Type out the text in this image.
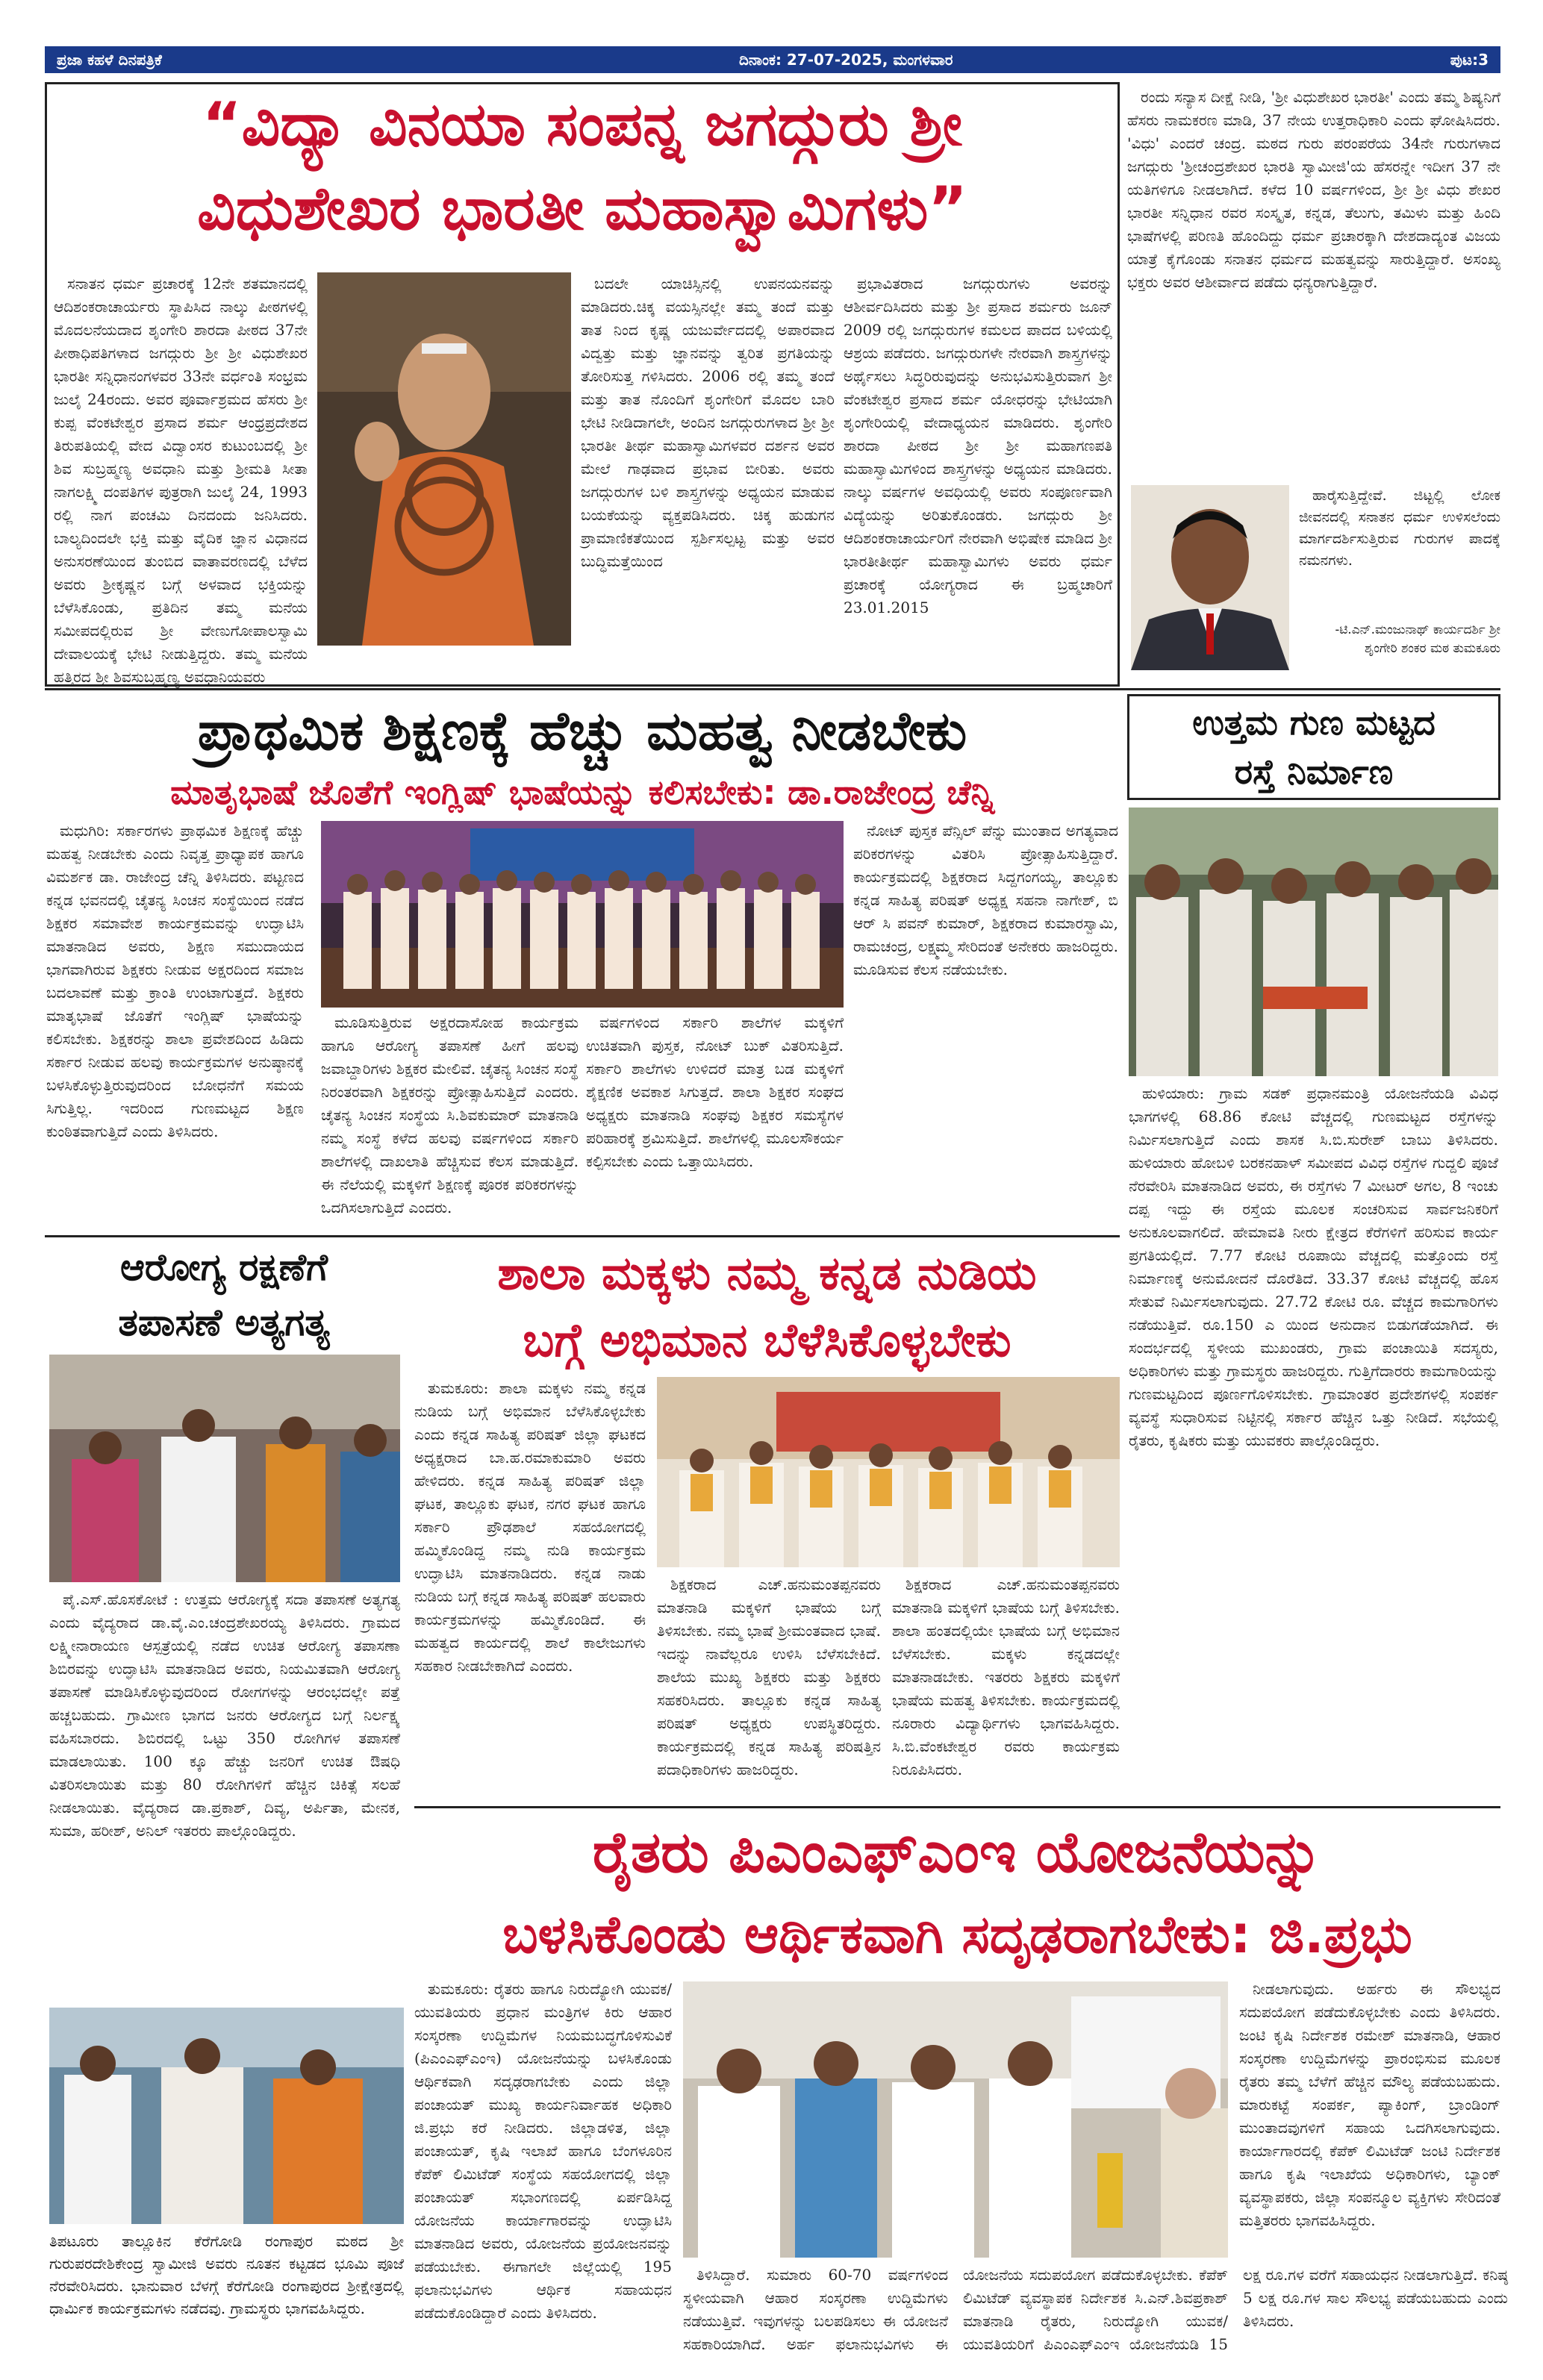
ಪ್ರಜಾ ಕಹಳೆ ದಿನಪತ್ರಿಕೆ	ದಿನಾಂಕ: 27-07-2025, ಮಂಗಳವಾರ	ಪುಟ:3
“ವಿದ್ಯಾ ವಿನಯಾ ಸಂಪನ್ನ ಜಗದ್ಗುರು ಶ್ರೀ
ವಿಧುಶೇಖರ ಭಾರತೀ ಮಹಾಸ್ವಾಮಿಗಳು”

ಸನಾತನ ಧರ್ಮ ಪ್ರಚಾರಕ್ಕೆ 12ನೇ ಶತಮಾನದಲ್ಲಿ ಆದಿಶಂಕರಾಚಾರ್ಯರು ಸ್ಥಾಪಿಸಿದ ನಾಲ್ಕು ಪೀಠಗಳಲ್ಲಿ ಮೊದಲನೆಯದಾದ ಶೃಂಗೇರಿ ಶಾರದಾ ಪೀಠದ 37ನೇ ಪೀಠಾಧಿಪತಿಗಳಾದ ಜಗದ್ಗುರು ಶ್ರೀ ಶ್ರೀ ವಿಧುಶೇಖರ ಭಾರತೀ ಸನ್ನಿಧಾನಂಗಳವರ 33ನೇ ವರ್ಧಂತಿ ಸಂಭ್ರಮ ಜುಲೈ 24ರಂದು. ಅವರ ಪೂರ್ವಾಶ್ರಮದ ಹೆಸರು ಶ್ರೀ ಕುಪ್ಪ ವೆಂಕಟೇಶ್ವರ ಪ್ರಸಾದ ಶರ್ಮ ಆಂಧ್ರಪ್ರದೇಶದ ತಿರುಪತಿಯಲ್ಲಿ ವೇದ ವಿದ್ವಾಂಸರ ಕುಟುಂಬದಲ್ಲಿ ಶ್ರೀ ಶಿವ ಸುಬ್ರಹ್ಮಣ್ಯ ಅವಧಾನಿ ಮತ್ತು ಶ್ರೀಮತಿ ಸೀತಾ ನಾಗಲಕ್ಷ್ಮಿ ದಂಪತಿಗಳ ಪುತ್ರರಾಗಿ ಜುಲೈ 24, 1993 ರಲ್ಲಿ ನಾಗ ಪಂಚಮಿ ದಿನದಂದು ಜನಿಸಿದರು. ಬಾಲ್ಯದಿಂದಲೇ ಭಕ್ತಿ ಮತ್ತು ವೈದಿಕ ಜ್ಞಾನ ವಿಧಾನದ ಅನುಸರಣೆಯಿಂದ ತುಂಬಿದ ವಾತಾವರಣದಲ್ಲಿ ಬೆಳೆದ ಅವರು ಶ್ರೀಕೃಷ್ಣನ ಬಗ್ಗೆ ಅಳವಾದ ಭಕ್ತಿಯನ್ನು ಬೆಳೆಸಿಕೊಂಡು, ಪ್ರತಿದಿನ ತಮ್ಮ ಮನೆಯ ಸಮೀಪದಲ್ಲಿರುವ ಶ್ರೀ ವೇಣುಗೋಪಾಲಸ್ವಾಮಿ ದೇವಾಲಯಕ್ಕೆ ಭೇಟಿ ನೀಡುತ್ತಿದ್ದರು. ತಮ್ಮ ಮನೆಯ ಹತ್ತಿರದ ಶ್ರೀ ಶಿವಸುಬ್ರಹ್ಮಣ್ಯ ಅವಧಾನಿಯವರು

ಬದಲೇ ಯಾಚಿಸ್ಸಿನಲ್ಲಿ ಉಪನಯನವನ್ನು ಮಾಡಿದರು.ಚಿಕ್ಕ ವಯಸ್ಸಿನಲ್ಲೇ ತಮ್ಮ ತಂದೆ ಮತ್ತು ತಾತ ನಿಂದ ಕೃಷ್ಣ ಯಜುರ್ವೇದದಲ್ಲಿ ಅಪಾರವಾದ ವಿದ್ವತ್ತು ಮತ್ತು ಜ್ಞಾನವನ್ನು ತ್ವರಿತ ಪ್ರಗತಿಯನ್ನು ತೋರಿಸುತ್ತ ಗಳಿಸಿದರು. 2006 ರಲ್ಲಿ ತಮ್ಮ ತಂದೆ ಮತ್ತು ತಾತ ನೊಂದಿಗೆ ಶೃಂಗೇರಿಗೆ ಮೊದಲ ಬಾರಿ ಭೇಟಿ ನೀಡಿದಾಗಲೇ, ಅಂದಿನ ಜಗದ್ಗುರುಗಳಾದ ಶ್ರೀ ಶ್ರೀ ಭಾರತೀ ತೀರ್ಥ ಮಹಾಸ್ವಾಮಿಗಳವರ ದರ್ಶನ ಅವರ ಮೇಲೆ ಗಾಢವಾದ ಪ್ರಭಾವ ಬೀರಿತು. ಅವರು ಜಗದ್ಗುರುಗಳ ಬಳಿ ಶಾಸ್ತ್ರಗಳನ್ನು ಅಧ್ಯಯನ ಮಾಡುವ ಬಯಕೆಯನ್ನು ವ್ಯಕ್ತಪಡಿಸಿದರು. ಚಿಕ್ಕ ಹುಡುಗನ ಪ್ರಾಮಾಣಿಕತೆಯಿಂದ ಸ್ಪರ್ಶಿಸಲ್ಪಟ್ಟ ಮತ್ತು ಅವರ ಬುದ್ಧಿಮತ್ತೆಯಿಂದ

ಪ್ರಭಾವಿತರಾದ ಜಗದ್ಗುರುಗಳು ಅವರನ್ನು ಆಶೀರ್ವದಿಸಿದರು ಮತ್ತು ಶ್ರೀ ಪ್ರಸಾದ ಶರ್ಮರು ಜೂನ್ 2009 ರಲ್ಲಿ ಜಗದ್ಗುರುಗಳ ಕಮಲದ ಪಾದದ ಬಳಿಯಲ್ಲಿ ಆಶ್ರಯ ಪಡೆದರು. ಜಗದ್ಗುರುಗಳೇ ನೇರವಾಗಿ ಶಾಸ್ತ್ರಗಳನ್ನು ಅರ್ಥೈಸಲು ಸಿದ್ಧರಿರುವುದನ್ನು ಅನುಭವಿಸುತ್ತಿರುವಾಗ ಶ್ರೀ ವೆಂಕಟೇಶ್ವರ ಪ್ರಸಾದ ಶರ್ಮ ಯೋಧರನ್ನು ಭೇಟಿಯಾಗಿ ಶೃಂಗೇರಿಯಲ್ಲಿ ವೇದಾಧ್ಯಯನ ಮಾಡಿದರು. ಶೃಂಗೇರಿ ಶಾರದಾ ಪೀಠದ ಶ್ರೀ ಶ್ರೀ ಮಹಾಗಣಪತಿ ಮಹಾಸ್ವಾಮಿಗಳಿಂದ ಶಾಸ್ತ್ರಗಳನ್ನು ಅಧ್ಯಯನ ಮಾಡಿದರು. ನಾಲ್ಕು ವರ್ಷಗಳ ಅವಧಿಯಲ್ಲಿ ಅವರು ಸಂಪೂರ್ಣವಾಗಿ ವಿದ್ಯೆಯನ್ನು ಅರಿತುಕೊಂಡರು. ಜಗದ್ಗುರು ಶ್ರೀ ಆದಿಶಂಕರಾಚಾರ್ಯರಿಗೆ ನೇರವಾಗಿ ಅಭಿಷೇಕ ಮಾಡಿದ ಶ್ರೀ ಭಾರತೀತೀರ್ಥ ಮಹಾಸ್ವಾಮಿಗಳು ಅವರು ಧರ್ಮ ಪ್ರಚಾರಕ್ಕೆ ಯೋಗ್ಯರಾದ ಈ ಬ್ರಹ್ಮಚಾರಿಗೆ 23.01.2015

ರಂದು ಸನ್ಯಾಸ ದೀಕ್ಷೆ ನೀಡಿ, 'ಶ್ರೀ ವಿಧುಶೇಖರ ಭಾರತೀ' ಎಂದು ತಮ್ಮ ಶಿಷ್ಯನಿಗೆ ಹೆಸರು ನಾಮಕರಣ ಮಾಡಿ, 37 ನೇಯ ಉತ್ತರಾಧಿಕಾರಿ ಎಂದು ಘೋಷಿಸಿದರು. 'ವಿಧು' ಎಂದರೆ ಚಂದ್ರ. ಮಠದ ಗುರು ಪರಂಪರೆಯ 34ನೇ ಗುರುಗಳಾದ ಜಗದ್ಗುರು 'ಶ್ರೀಚಂದ್ರಶೇಖರ ಭಾರತಿ ಸ್ವಾಮೀಜಿ'ಯ ಹೆಸರನ್ನೇ ಇದೀಗ 37 ನೇ ಯತಿಗಳಿಗೂ ನೀಡಲಾಗಿದೆ. ಕಳೆದ 10 ವರ್ಷಗಳಿಂದ, ಶ್ರೀ ಶ್ರೀ ವಿಧು ಶೇಖರ ಭಾರತೀ ಸನ್ನಿಧಾನ ರವರ ಸಂಸ್ಕೃತ, ಕನ್ನಡ, ತೆಲುಗು, ತಮಿಳು ಮತ್ತು ಹಿಂದಿ ಭಾಷೆಗಳಲ್ಲಿ ಪರಿಣತಿ ಹೊಂದಿದ್ದು ಧರ್ಮ ಪ್ರಚಾರಕ್ಕಾಗಿ ದೇಶದಾದ್ಯಂತ ವಿಜಯ ಯಾತ್ರೆ ಕೈಗೊಂಡು ಸನಾತನ ಧರ್ಮದ ಮಹತ್ವವನ್ನು ಸಾರುತ್ತಿದ್ದಾರೆ. ಅಸಂಖ್ಯ ಭಕ್ತರು ಅವರ ಆಶೀರ್ವಾದ ಪಡೆದು ಧನ್ಯರಾಗುತ್ತಿದ್ದಾರೆ.

ಹಾರೈಸುತ್ತಿದ್ದೇವೆ. ಜಿಟ್ಟಲ್ಲಿ ಲೋಕ ಜೀವನದಲ್ಲಿ ಸನಾತನ ಧರ್ಮ ಉಳಿಸಲೆಂದು ಮಾರ್ಗದರ್ಶಿಸುತ್ತಿರುವ ಗುರುಗಳ ಪಾದಕ್ಕೆ ನಮನಗಳು.

-ಟಿ.ಎನ್.ಮಂಜುನಾಥ್ ಕಾರ್ಯದರ್ಶಿ ಶ್ರೀ ಶೃಂಗೇರಿ ಶಂಕರ ಮಠ ತುಮಕೂರು
ಪ್ರಾಥಮಿಕ ಶಿಕ್ಷಣಕ್ಕೆ ಹೆಚ್ಚು ಮಹತ್ವ ನೀಡಬೇಕು
ಮಾತೃಭಾಷೆ ಜೊತೆಗೆ ಇಂಗ್ಲಿಷ್ ಭಾಷೆಯನ್ನು ಕಲಿಸಬೇಕು: ಡಾ.ರಾಜೇಂದ್ರ ಚೆನ್ನಿ

ಮಧುಗಿರಿ: ಸರ್ಕಾರಗಳು ಪ್ರಾಥಮಿಕ ಶಿಕ್ಷಣಕ್ಕೆ ಹೆಚ್ಚು ಮಹತ್ವ ನೀಡಬೇಕು ಎಂದು ನಿವೃತ್ತ ಪ್ರಾಧ್ಯಾಪಕ ಹಾಗೂ ವಿಮರ್ಶಕ ಡಾ. ರಾಜೇಂದ್ರ ಚೆನ್ನಿ ತಿಳಿಸಿದರು. ಪಟ್ಟಣದ ಕನ್ನಡ ಭವನದಲ್ಲಿ ಚೈತನ್ಯ ಸಿಂಚನ ಸಂಸ್ಥೆಯಿಂದ ನಡೆದ ಶಿಕ್ಷಕರ ಸಮಾವೇಶ ಕಾರ್ಯಕ್ರಮವನ್ನು ಉದ್ಘಾಟಿಸಿ ಮಾತನಾಡಿದ ಅವರು, ಶಿಕ್ಷಣ ಸಮುದಾಯದ ಭಾಗವಾಗಿರುವ ಶಿಕ್ಷಕರು ನೀಡುವ ಅಕ್ಷರದಿಂದ ಸಮಾಜ ಬದಲಾವಣೆ ಮತ್ತು ಕ್ರಾಂತಿ ಉಂಟಾಗುತ್ತದೆ. ಶಿಕ್ಷಕರು ಮಾತೃಭಾಷೆ ಜೊತೆಗೆ ಇಂಗ್ಲಿಷ್ ಭಾಷೆಯನ್ನು ಕಲಿಸಬೇಕು. ಶಿಕ್ಷಕರನ್ನು ಶಾಲಾ ಪ್ರವೇಶದಿಂದ ಹಿಡಿದು ಸರ್ಕಾರ ನೀಡುವ ಹಲವು ಕಾರ್ಯಕ್ರಮಗಳ ಅನುಷ್ಠಾನಕ್ಕೆ ಬಳಸಿಕೊಳ್ಳುತ್ತಿರುವುದರಿಂದ ಬೋಧನೆಗೆ ಸಮಯ ಸಿಗುತ್ತಿಲ್ಲ. ಇದರಿಂದ ಗುಣಮಟ್ಟದ ಶಿಕ್ಷಣ ಕುಂಠಿತವಾಗುತ್ತಿದೆ ಎಂದು ತಿಳಿಸಿದರು.

ಮೂಡಿಸುತ್ತಿರುವ ಅಕ್ಷರದಾಸೋಹ ಕಾರ್ಯಕ್ರಮ ಹಾಗೂ ಆರೋಗ್ಯ ತಪಾಸಣೆ ಹೀಗೆ ಹಲವು ಜವಾಬ್ದಾರಿಗಳು ಶಿಕ್ಷಕರ ಮೇಲಿವೆ. ಚೈತನ್ಯ ಸಿಂಚನ ಸಂಸ್ಥೆ ನಿರಂತರವಾಗಿ ಶಿಕ್ಷಕರನ್ನು ಪ್ರೋತ್ಸಾಹಿಸುತ್ತಿದೆ ಎಂದರು. ಚೈತನ್ಯ ಸಿಂಚನ ಸಂಸ್ಥೆಯ ಸಿ.ಶಿವಕುಮಾರ್ ಮಾತನಾಡಿ ನಮ್ಮ ಸಂಸ್ಥೆ ಕಳೆದ ಹಲವು ವರ್ಷಗಳಿಂದ ಸರ್ಕಾರಿ ಶಾಲೆಗಳಲ್ಲಿ ದಾಖಲಾತಿ ಹೆಚ್ಚಿಸುವ ಕೆಲಸ ಮಾಡುತ್ತಿದೆ. ಈ ನೆಲೆಯಲ್ಲಿ ಮಕ್ಕಳಿಗೆ ಶಿಕ್ಷಣಕ್ಕೆ ಪೂರಕ ಪರಿಕರಗಳನ್ನು ಒದಗಿಸಲಾಗುತ್ತಿದೆ ಎಂದರು.

ವರ್ಷಗಳಿಂದ ಸರ್ಕಾರಿ ಶಾಲೆಗಳ ಮಕ್ಕಳಿಗೆ ಉಚಿತವಾಗಿ ಪುಸ್ತಕ, ನೋಟ್ ಬುಕ್ ವಿತರಿಸುತ್ತಿದೆ. ಸರ್ಕಾರಿ ಶಾಲೆಗಳು ಉಳಿದರೆ ಮಾತ್ರ ಬಡ ಮಕ್ಕಳಿಗೆ ಶೈಕ್ಷಣಿಕ ಅವಕಾಶ ಸಿಗುತ್ತದೆ. ಶಾಲಾ ಶಿಕ್ಷಕರ ಸಂಘದ ಅಧ್ಯಕ್ಷರು ಮಾತನಾಡಿ ಸಂಘವು ಶಿಕ್ಷಕರ ಸಮಸ್ಯೆಗಳ ಪರಿಹಾರಕ್ಕೆ ಶ್ರಮಿಸುತ್ತಿದೆ. ಶಾಲೆಗಳಲ್ಲಿ ಮೂಲಸೌಕರ್ಯ ಕಲ್ಪಿಸಬೇಕು ಎಂದು ಒತ್ತಾಯಿಸಿದರು.

ನೋಟ್ ಪುಸ್ತಕ ಪೆನ್ಸಿಲ್ ಪೆನ್ನು ಮುಂತಾದ ಅಗತ್ಯವಾದ ಪರಿಕರಗಳನ್ನು ವಿತರಿಸಿ ಪ್ರೋತ್ಸಾಹಿಸುತ್ತಿದ್ದಾರೆ. ಕಾರ್ಯಕ್ರಮದಲ್ಲಿ ಶಿಕ್ಷಕರಾದ ಸಿದ್ದಗಂಗಯ್ಯ, ತಾಲ್ಲೂಕು ಕನ್ನಡ ಸಾಹಿತ್ಯ ಪರಿಷತ್ ಅಧ್ಯಕ್ಷ ಸಹನಾ ನಾಗೇಶ್, ಬಿ ಆರ್ ಸಿ ಪವನ್ ಕುಮಾರ್, ಶಿಕ್ಷಕರಾದ ಕುಮಾರಸ್ವಾಮಿ, ರಾಮಚಂದ್ರ, ಲಕ್ಷ್ಮಮ್ಮ ಸೇರಿದಂತೆ ಅನೇಕರು ಹಾಜರಿದ್ದರು. ಮೂಡಿಸುವ ಕೆಲಸ ನಡೆಯಬೇಕು.

ಉತ್ತಮ ಗುಣ ಮಟ್ಟದ
ರಸ್ತೆ ನಿರ್ಮಾಣ

ಹುಳಿಯಾರು: ಗ್ರಾಮ ಸಡಕ್ ಪ್ರಧಾನಮಂತ್ರಿ ಯೋಜನೆಯಡಿ ವಿವಿಧ ಭಾಗಗಳಲ್ಲಿ 68.86 ಕೋಟಿ ವೆಚ್ಚದಲ್ಲಿ ಗುಣಮಟ್ಟದ ರಸ್ತೆಗಳನ್ನು ನಿರ್ಮಿಸಲಾಗುತ್ತಿದೆ ಎಂದು ಶಾಸಕ ಸಿ.ಬಿ.ಸುರೇಶ್ ಬಾಬು ತಿಳಿಸಿದರು. ಹುಳಿಯಾರು ಹೋಬಳಿ ಬರಕನಹಾಳ್ ಸಮೀಪದ ವಿವಿಧ ರಸ್ತೆಗಳ ಗುದ್ದಲಿ ಪೂಜೆ ನೆರವೇರಿಸಿ ಮಾತನಾಡಿದ ಅವರು, ಈ ರಸ್ತೆಗಳು 7 ಮೀಟರ್ ಅಗಲ, 8 ಇಂಚು ದಪ್ಪ ಇದ್ದು ಈ ರಸ್ತೆಯ ಮೂಲಕ ಸಂಚರಿಸುವ ಸಾರ್ವಜನಿಕರಿಗೆ ಅನುಕೂಲವಾಗಲಿದೆ. ಹೇಮಾವತಿ ನೀರು ಕ್ಷೇತ್ರದ ಕೆರೆಗಳಿಗೆ ಹರಿಸುವ ಕಾರ್ಯ ಪ್ರಗತಿಯಲ್ಲಿದೆ. 7.77 ಕೋಟಿ ರೂಪಾಯಿ ವೆಚ್ಚದಲ್ಲಿ ಮತ್ತೊಂದು ರಸ್ತೆ ನಿರ್ಮಾಣಕ್ಕೆ ಅನುಮೋದನೆ ದೊರೆತಿದೆ. 33.37 ಕೋಟಿ ವೆಚ್ಚದಲ್ಲಿ ಹೊಸ ಸೇತುವೆ ನಿರ್ಮಿಸಲಾಗುವುದು. 27.72 ಕೋಟಿ ರೂ. ವೆಚ್ಚದ ಕಾಮಗಾರಿಗಳು ನಡೆಯುತ್ತಿವೆ. ರೂ.150 ಎ ಯಿಂದ ಅನುದಾನ ಬಿಡುಗಡೆಯಾಗಿದೆ. ಈ ಸಂದರ್ಭದಲ್ಲಿ ಸ್ಥಳೀಯ ಮುಖಂಡರು, ಗ್ರಾಮ ಪಂಚಾಯಿತಿ ಸದಸ್ಯರು, ಅಧಿಕಾರಿಗಳು ಮತ್ತು ಗ್ರಾಮಸ್ಥರು ಹಾಜರಿದ್ದರು. ಗುತ್ತಿಗೆದಾರರು ಕಾಮಗಾರಿಯನ್ನು ಗುಣಮಟ್ಟದಿಂದ ಪೂರ್ಣಗೊಳಿಸಬೇಕು. ಗ್ರಾಮಾಂತರ ಪ್ರದೇಶಗಳಲ್ಲಿ ಸಂಪರ್ಕ ವ್ಯವಸ್ಥೆ ಸುಧಾರಿಸುವ ನಿಟ್ಟಿನಲ್ಲಿ ಸರ್ಕಾರ ಹೆಚ್ಚಿನ ಒತ್ತು ನೀಡಿದೆ. ಸಭೆಯಲ್ಲಿ ರೈತರು, ಕೃಷಿಕರು ಮತ್ತು ಯುವಕರು ಪಾಲ್ಗೊಂಡಿದ್ದರು.

ಆರೋಗ್ಯ ರಕ್ಷಣೆಗೆ
ತಪಾಸಣೆ ಅತ್ಯಗತ್ಯ

ಪೈ.ಎಸ್.ಹೊಸಕೋಟೆ : ಉತ್ತಮ ಆರೋಗ್ಯಕ್ಕೆ ಸದಾ ತಪಾಸಣೆ ಅತ್ಯಗತ್ಯ ಎಂದು ವೈದ್ಯರಾದ ಡಾ.ವೈ.ಎಂ.ಚಂದ್ರಶೇಖರಯ್ಯ ತಿಳಿಸಿದರು. ಗ್ರಾಮದ ಲಕ್ಷ್ಮೀನಾರಾಯಣ ಆಸ್ಪತ್ರೆಯಲ್ಲಿ ನಡೆದ ಉಚಿತ ಆರೋಗ್ಯ ತಪಾಸಣಾ ಶಿಬಿರವನ್ನು ಉದ್ಘಾಟಿಸಿ ಮಾತನಾಡಿದ ಅವರು, ನಿಯಮಿತವಾಗಿ ಆರೋಗ್ಯ ತಪಾಸಣೆ ಮಾಡಿಸಿಕೊಳ್ಳುವುದರಿಂದ ರೋಗಗಳನ್ನು ಆರಂಭದಲ್ಲೇ ಪತ್ತೆ ಹಚ್ಚಬಹುದು. ಗ್ರಾಮೀಣ ಭಾಗದ ಜನರು ಆರೋಗ್ಯದ ಬಗ್ಗೆ ನಿರ್ಲಕ್ಷ್ಯ ವಹಿಸಬಾರದು. ಶಿಬಿರದಲ್ಲಿ ಒಟ್ಟು 350 ರೋಗಿಗಳ ತಪಾಸಣೆ ಮಾಡಲಾಯಿತು. 100 ಕ್ಕೂ ಹೆಚ್ಚು ಜನರಿಗೆ ಉಚಿತ ಔಷಧಿ ವಿತರಿಸಲಾಯಿತು ಮತ್ತು 80 ರೋಗಿಗಳಿಗೆ ಹೆಚ್ಚಿನ ಚಿಕಿತ್ಸೆ ಸಲಹೆ ನೀಡಲಾಯಿತು. ವೈದ್ಯರಾದ ಡಾ.ಪ್ರಕಾಶ್, ದಿವ್ಯ, ಅರ್ಪಿತಾ, ಮೇನಕ, ಸುಮಾ, ಹರೀಶ್, ಅನಿಲ್ ಇತರರು ಪಾಲ್ಗೊಂಡಿದ್ದರು.

ತಿಪಟೂರು ತಾಲ್ಲೂಕಿನ ಕೆರೆಗೋಡಿ ರಂಗಾಪುರ ಮಠದ ಶ್ರೀ ಗುರುಪರದೇಶಿಕೇಂದ್ರ ಸ್ವಾಮೀಜಿ ಅವರು ನೂತನ ಕಟ್ಟಡದ ಭೂಮಿ ಪೂಜೆ ನೆರವೇರಿಸಿದರು. ಭಾನುವಾರ ಬೆಳಗ್ಗೆ ಕೆರೆಗೋಡಿ ರಂಗಾಪುರದ ಶ್ರೀಕ್ಷೇತ್ರದಲ್ಲಿ ಧಾರ್ಮಿಕ ಕಾರ್ಯಕ್ರಮಗಳು ನಡೆದವು. ಗ್ರಾಮಸ್ಥರು ಭಾಗವಹಿಸಿದ್ದರು.
ಶಾಲಾ ಮಕ್ಕಳು ನಮ್ಮ ಕನ್ನಡ ನುಡಿಯ
ಬಗ್ಗೆ ಅಭಿಮಾನ ಬೆಳೆಸಿಕೊಳ್ಳಬೇಕು

ತುಮಕೂರು: ಶಾಲಾ ಮಕ್ಕಳು ನಮ್ಮ ಕನ್ನಡ ನುಡಿಯ ಬಗ್ಗೆ ಅಭಿಮಾನ ಬೆಳೆಸಿಕೊಳ್ಳಬೇಕು ಎಂದು ಕನ್ನಡ ಸಾಹಿತ್ಯ ಪರಿಷತ್ ಜಿಲ್ಲಾ ಘಟಕದ ಅಧ್ಯಕ್ಷರಾದ ಬಾ.ಹ.ರಮಾಕುಮಾರಿ ಅವರು ಹೇಳಿದರು. ಕನ್ನಡ ಸಾಹಿತ್ಯ ಪರಿಷತ್ ಜಿಲ್ಲಾ ಘಟಕ, ತಾಲ್ಲೂಕು ಘಟಕ, ನಗರ ಘಟಕ ಹಾಗೂ ಸರ್ಕಾರಿ ಪ್ರೌಢಶಾಲೆ ಸಹಯೋಗದಲ್ಲಿ ಹಮ್ಮಿಕೊಂಡಿದ್ದ ನಮ್ಮ ನುಡಿ ಕಾರ್ಯಕ್ರಮ ಉದ್ಘಾಟಿಸಿ ಮಾತನಾಡಿದರು. ಕನ್ನಡ ನಾಡು ನುಡಿಯ ಬಗ್ಗೆ ಕನ್ನಡ ಸಾಹಿತ್ಯ ಪರಿಷತ್ ಹಲವಾರು ಕಾರ್ಯಕ್ರಮಗಳನ್ನು ಹಮ್ಮಿಕೊಂಡಿದೆ. ಈ ಮಹತ್ವದ ಕಾರ್ಯದಲ್ಲಿ ಶಾಲೆ ಕಾಲೇಜುಗಳು ಸಹಕಾರ ನೀಡಬೇಕಾಗಿದೆ ಎಂದರು.

ಶಿಕ್ಷಕರಾದ ಎಚ್.ಹನುಮಂತಪ್ಪನವರು ಮಾತನಾಡಿ ಮಕ್ಕಳಿಗೆ ಭಾಷೆಯ ಬಗ್ಗೆ ತಿಳಿಸಬೇಕು. ನಮ್ಮ ಭಾಷೆ ಶ್ರೀಮಂತವಾದ ಭಾಷೆ. ಇದನ್ನು ನಾವೆಲ್ಲರೂ ಉಳಿಸಿ ಬೆಳೆಸಬೇಕಿದೆ. ಶಾಲೆಯ ಮುಖ್ಯ ಶಿಕ್ಷಕರು ಮತ್ತು ಶಿಕ್ಷಕರು ಸಹಕರಿಸಿದರು. ತಾಲ್ಲೂಕು ಕನ್ನಡ ಸಾಹಿತ್ಯ ಪರಿಷತ್ ಅಧ್ಯಕ್ಷರು ಉಪಸ್ಥಿತರಿದ್ದರು. ಕಾರ್ಯಕ್ರಮದಲ್ಲಿ ಕನ್ನಡ ಸಾಹಿತ್ಯ ಪರಿಷತ್ತಿನ ಪದಾಧಿಕಾರಿಗಳು ಹಾಜರಿದ್ದರು.

ಶಿಕ್ಷಕರಾದ ಎಚ್.ಹನುಮಂತಪ್ಪನವರು ಮಾತನಾಡಿ ಮಕ್ಕಳಿಗೆ ಭಾಷೆಯ ಬಗ್ಗೆ ತಿಳಿಸಬೇಕು. ಶಾಲಾ ಹಂತದಲ್ಲಿಯೇ ಭಾಷೆಯ ಬಗ್ಗೆ ಅಭಿಮಾನ ಬೆಳೆಸಬೇಕು. ಮಕ್ಕಳು ಕನ್ನಡದಲ್ಲೇ ಮಾತನಾಡಬೇಕು. ಇತರರು ಶಿಕ್ಷಕರು ಮಕ್ಕಳಿಗೆ ಭಾಷೆಯ ಮಹತ್ವ ತಿಳಿಸಬೇಕು. ಕಾರ್ಯಕ್ರಮದಲ್ಲಿ ನೂರಾರು ವಿದ್ಯಾರ್ಥಿಗಳು ಭಾಗವಹಿಸಿದ್ದರು. ಸಿ.ಬಿ.ವೆಂಕಟೇಶ್ವರ ರವರು ಕಾರ್ಯಕ್ರಮ ನಿರೂಪಿಸಿದರು.

ರೈತರು ಪಿಎಂಎಫ್‌ಎಂಇ ಯೋಜನೆಯನ್ನು
ಬಳಸಿಕೊಂಡು ಆರ್ಥಿಕವಾಗಿ ಸದೃಢರಾಗಬೇಕು: ಜಿ.ಪ್ರಭು

ತುಮಕೂರು: ರೈತರು ಹಾಗೂ ನಿರುದ್ಯೋಗಿ ಯುವಕ/ಯುವತಿಯರು ಪ್ರಧಾನ ಮಂತ್ರಿಗಳ ಕಿರು ಆಹಾರ ಸಂಸ್ಕರಣಾ ಉದ್ದಿಮೆಗಳ ನಿಯಮಬದ್ಧಗೊಳಿಸುವಿಕೆ (ಪಿಎಂಎಫ್‌ಎಂಇ) ಯೋಜನೆಯನ್ನು ಬಳಸಿಕೊಂಡು ಆರ್ಥಿಕವಾಗಿ ಸದೃಢರಾಗಬೇಕು ಎಂದು ಜಿಲ್ಲಾ ಪಂಚಾಯತ್ ಮುಖ್ಯ ಕಾರ್ಯನಿರ್ವಾಹಕ ಅಧಿಕಾರಿ ಜಿ.ಪ್ರಭು ಕರೆ ನೀಡಿದರು. ಜಿಲ್ಲಾಡಳಿತ, ಜಿಲ್ಲಾ ಪಂಚಾಯತ್, ಕೃಷಿ ಇಲಾಖೆ ಹಾಗೂ ಬೆಂಗಳೂರಿನ ಕೆಪೆಕ್ ಲಿಮಿಟೆಡ್ ಸಂಸ್ಥೆಯ ಸಹಯೋಗದಲ್ಲಿ ಜಿಲ್ಲಾ ಪಂಚಾಯತ್ ಸಭಾಂಗಣದಲ್ಲಿ ಏರ್ಪಡಿಸಿದ್ದ ಯೋಜನೆಯ ಕಾರ್ಯಾಗಾರವನ್ನು ಉದ್ಘಾಟಿಸಿ ಮಾತನಾಡಿದ ಅವರು, ಯೋಜನೆಯ ಪ್ರಯೋಜನವನ್ನು ಪಡೆಯಬೇಕು. ಈಗಾಗಲೇ ಜಿಲ್ಲೆಯಲ್ಲಿ 195 ಫಲಾನುಭವಿಗಳು ಆರ್ಥಿಕ ಸಹಾಯಧನ ಪಡೆದುಕೊಂಡಿದ್ದಾರೆ ಎಂದು ತಿಳಿಸಿದರು.

ತಿಳಿಸಿದ್ದಾರೆ. ಸುಮಾರು 60-70 ವರ್ಷಗಳಿಂದ ಸ್ಥಳೀಯವಾಗಿ ಆಹಾರ ಸಂಸ್ಕರಣಾ ಉದ್ದಿಮೆಗಳು ನಡೆಯುತ್ತಿವೆ. ಇವುಗಳನ್ನು ಬಲಪಡಿಸಲು ಈ ಯೋಜನೆ ಸಹಕಾರಿಯಾಗಿದೆ. ಅರ್ಹ ಫಲಾನುಭವಿಗಳು ಈ ಯೋಜನೆಯ ಸದುಪಯೋಗ ಪಡೆದುಕೊಳ್ಳಬೇಕು. ಕೆಪೆಕ್ ಲಿಮಿಟೆಡ್ ವ್ಯವಸ್ಥಾಪಕ ನಿರ್ದೇಶಕ ಸಿ.ಎನ್.ಶಿವಪ್ರಕಾಶ್ ಮಾತನಾಡಿ ರೈತರು, ನಿರುದ್ಯೋಗಿ ಯುವಕ/ಯುವತಿಯರಿಗೆ ಪಿಎಂಎಫ್‌ಎಂಇ ಯೋಜನೆಯಡಿ 15 ಲಕ್ಷ ರೂ.ಗಳ ವರೆಗೆ ಸಹಾಯಧನ ನೀಡಲಾಗುತ್ತಿದೆ. ಕನಿಷ್ಠ 5 ಲಕ್ಷ ರೂ.ಗಳ ಸಾಲ ಸೌಲಭ್ಯ ಪಡೆಯಬಹುದು ಎಂದು ತಿಳಿಸಿದರು.

ನೀಡಲಾಗುವುದು. ಅರ್ಹರು ಈ ಸೌಲಭ್ಯದ ಸದುಪಯೋಗ ಪಡೆದುಕೊಳ್ಳಬೇಕು ಎಂದು ತಿಳಿಸಿದರು. ಜಂಟಿ ಕೃಷಿ ನಿರ್ದೇಶಕ ರಮೇಶ್ ಮಾತನಾಡಿ, ಆಹಾರ ಸಂಸ್ಕರಣಾ ಉದ್ದಿಮೆಗಳನ್ನು ಪ್ರಾರಂಭಿಸುವ ಮೂಲಕ ರೈತರು ತಮ್ಮ ಬೆಳೆಗೆ ಹೆಚ್ಚಿನ ಮೌಲ್ಯ ಪಡೆಯಬಹುದು. ಮಾರುಕಟ್ಟೆ ಸಂಪರ್ಕ, ಪ್ಯಾಕಿಂಗ್, ಬ್ರಾಂಡಿಂಗ್ ಮುಂತಾದವುಗಳಿಗೆ ಸಹಾಯ ಒದಗಿಸಲಾಗುವುದು. ಕಾರ್ಯಾಗಾರದಲ್ಲಿ ಕೆಪೆಕ್ ಲಿಮಿಟೆಡ್ ಜಂಟಿ ನಿರ್ದೇಶಕ ಹಾಗೂ ಕೃಷಿ ಇಲಾಖೆಯ ಅಧಿಕಾರಿಗಳು, ಬ್ಯಾಂಕ್ ವ್ಯವಸ್ಥಾಪಕರು, ಜಿಲ್ಲಾ ಸಂಪನ್ಮೂಲ ವ್ಯಕ್ತಿಗಳು ಸೇರಿದಂತೆ ಮತ್ತಿತರರು ಭಾಗವಹಿಸಿದ್ದರು.
